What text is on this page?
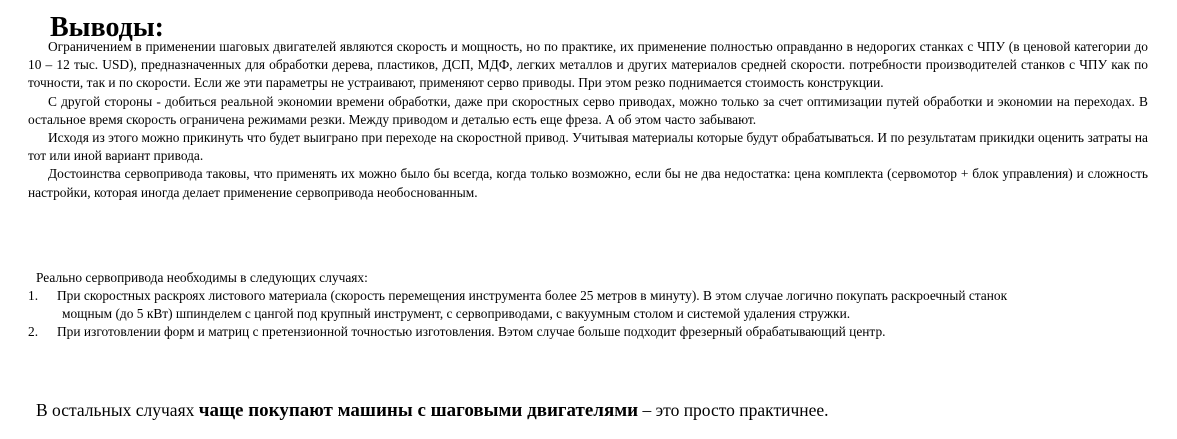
Выводы:

Ограничением в применении шаговых двигателей являются скорость и мощность, но по практике, их применение полностью оправданно в недорогих станках с ЧПУ (в ценовой категории до 10 – 12 тыс. USD), предназначенных для обработки дерева, пластиков, ДСП, МДФ, легких металлов и других материалов средней скорости. потребности производителей станков с ЧПУ как по точности, так и по скорости. Если же эти параметры не устраивают, применяют серво приводы. При этом резко поднимается стоимость конструкции.

С другой стороны - добиться реальной экономии времени обработки, даже при скоростных серво приводах, можно только за счет оптимизации путей обработки и экономии на переходах. В остальное время скорость ограничена режимами резки. Между приводом и деталью есть еще фреза. А об этом часто забывают.

Исходя из этого можно прикинуть что будет выиграно при переходе на скоростной привод. Учитывая материалы которые будут обрабатываться. И по результатам прикидки оценить затраты на тот или иной вариант привода.

Достоинства сервопривода таковы, что применять их можно было бы всегда, когда только возможно, если бы не два недостатка: цена комплекта (сервомотор + блок управления) и сложность настройки, которая иногда делает применение сервопривода необоснованным.

Реально сервопривода необходимы в следующих случаях:

1. При скоростных раскроях листового материала (скорость перемещения инструмента более 25 метров в минуту). В этом случае логично покупать раскроечный станок
мощным (до 5 кВт) шпинделем с цангой под крупный инструмент, с сервоприводами, с вакуумным столом и системой удаления стружки.
2. При изготовлении форм и матриц с претензионной точностью изготовления. Вэтом случае больше подходит фрезерный обрабатывающий центр.

В остальных случаях чаще покупают машины с шаговыми двигателями – это просто практичнее.
